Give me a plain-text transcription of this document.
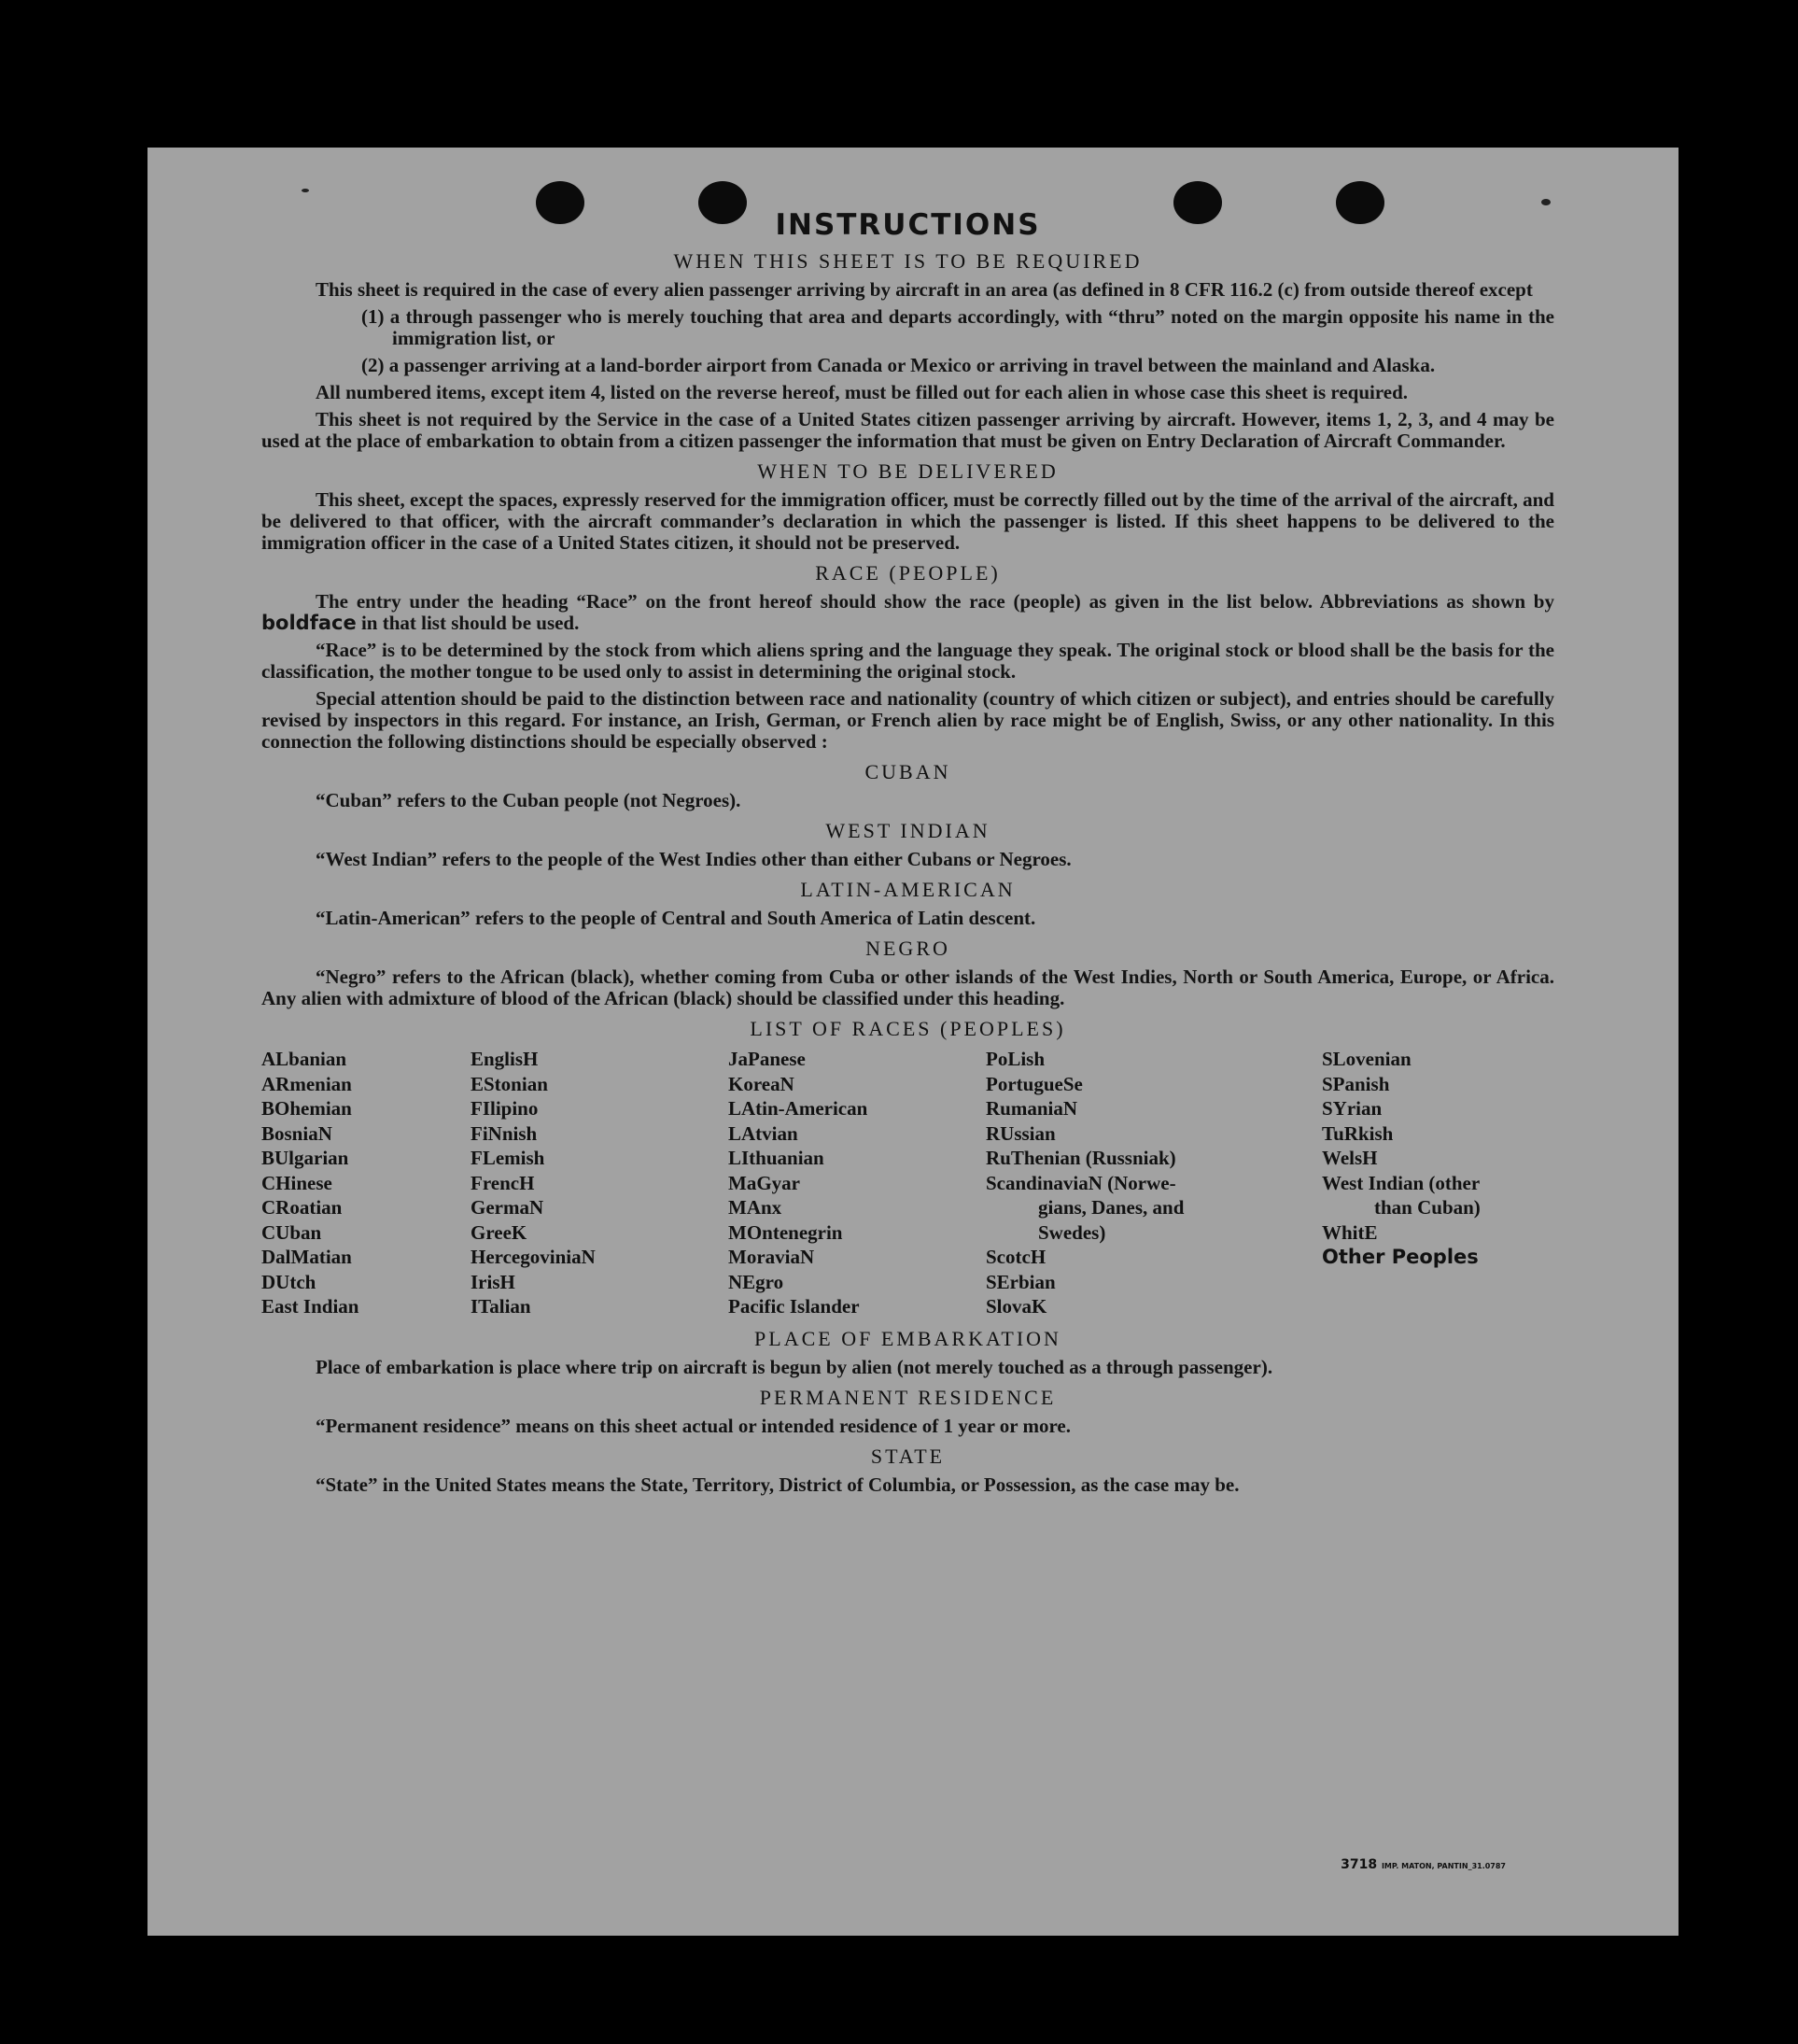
INSTRUCTIONS
WHEN THIS SHEET IS TO BE REQUIRED

This sheet is required in the case of every alien passenger arriving by aircraft in an area (as defined in 8 CFR 116.2 (c) from outside thereof except

(1) a through passenger who is merely touching that area and departs accordingly, with “thru” noted on the margin opposite his name in the immigration list, or

(2) a passenger arriving at a land-border airport from Canada or Mexico or arriving in travel between the mainland and Alaska.

All numbered items, except item 4, listed on the reverse hereof, must be filled out for each alien in whose case this sheet is required.

This sheet is not required by the Service in the case of a United States citizen passenger arriving by aircraft. However, items 1, 2, 3, and 4 may be used at the place of embarkation to obtain from a citizen passenger the information that must be given on Entry Declaration of Aircraft Commander.

WHEN TO BE DELIVERED

This sheet, except the spaces, expressly reserved for the immigration officer, must be correctly filled out by the time of the arrival of the aircraft, and be delivered to that officer, with the aircraft commander’s declaration in which the passenger is listed. If this sheet happens to be delivered to the immigration officer in the case of a United States citizen, it should not be preserved.

RACE (PEOPLE)

The entry under the heading “Race” on the front hereof should show the race (people) as given in the list below. Abbreviations as shown by boldface in that list should be used.

“Race” is to be determined by the stock from which aliens spring and the language they speak. The original stock or blood shall be the basis for the classification, the mother tongue to be used only to assist in determining the original stock.

Special attention should be paid to the distinction between race and nationality (country of which citizen or subject), and entries should be carefully revised by inspectors in this regard. For instance, an Irish, German, or French alien by race might be of English, Swiss, or any other nationality. In this connection the following distinctions should be especially observed :

CUBAN

“Cuban” refers to the Cuban people (not Negroes).

WEST INDIAN

“West Indian” refers to the people of the West Indies other than either Cubans or Negroes.

LATIN-AMERICAN

“Latin-American” refers to the people of Central and South America of Latin descent.

NEGRO

“Negro” refers to the African (black), whether coming from Cuba or other islands of the West Indies, North or South America, Europe, or Africa. Any alien with admixture of blood of the African (black) should be classified under this heading.

LIST OF RACES (PEOPLES)
ALbanian
ARmenian
BOhemian
BosniaN
BUlgarian
CHinese
CRoatian
CUban
DalMatian
DUtch
East Indian
EnglisH
EStonian
FIlipino
FiNnish
FLemish
FrencH
GermaN
GreeK
HercegoviniaN
IrisH
ITalian
JaPanese
KoreaN
LAtin-American
LAtvian
LIthuanian
MaGyar
MAnx
MOntenegrin
MoraviaN
NEgro
Pacific Islander
PoLish
PortugueSe
RumaniaN
RUssian
RuThenian (Russniak)
ScandinaviaN (Norwe-
gians, Danes, and
Swedes)
ScotcH
SErbian
SlovaK
SLovenian
SPanish
SYrian
TuRkish
WelsH
West Indian (other
than Cuban)
WhitE
Other Peoples
PLACE OF EMBARKATION

Place of embarkation is place where trip on aircraft is begun by alien (not merely touched as a through passenger).

PERMANENT RESIDENCE

“Permanent residence” means on this sheet actual or intended residence of 1 year or more.

STATE

“State” in the United States means the State, Territory, District of Columbia, or Possession, as the case may be.

3718 IMP. MATON, PANTIN_31.0787
